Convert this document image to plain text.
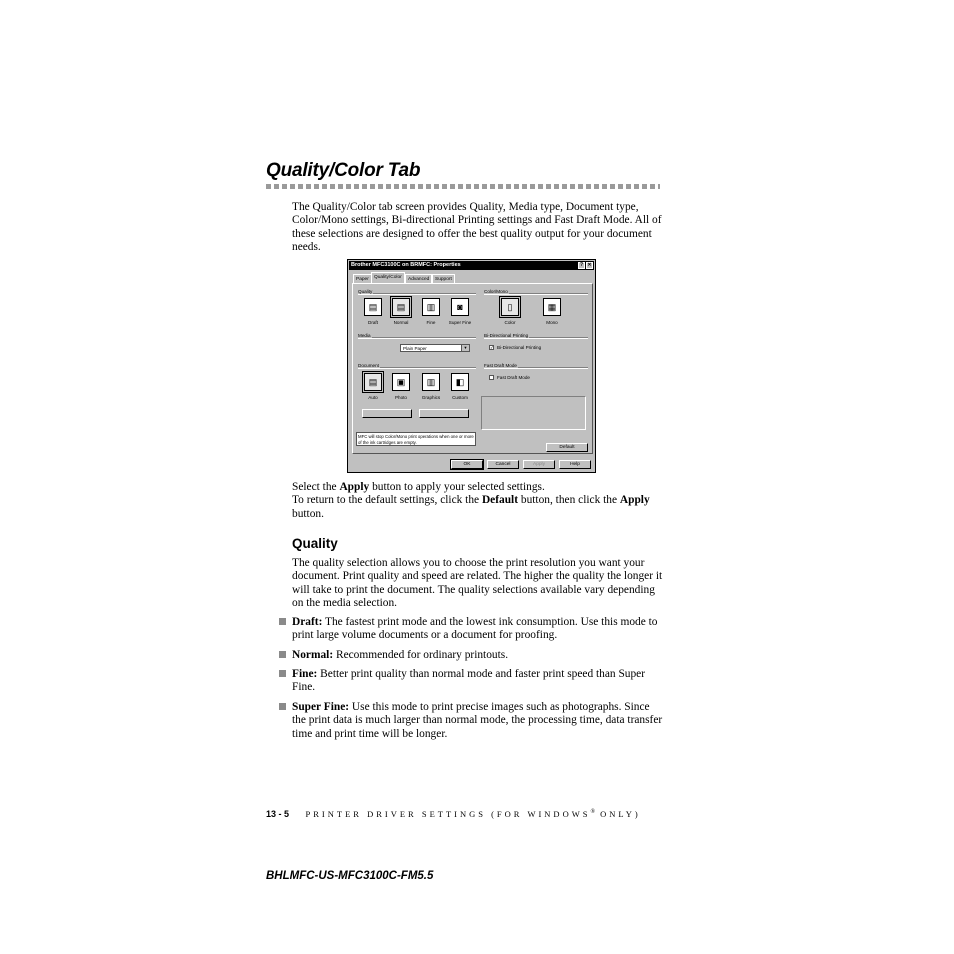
Quality/Color Tab
The Quality/Color tab screen provides Quality, Media type, Document type, Color/Mono settings, Bi-directional Printing settings and Fast Draft Mode. All of these selections are designed to offer the best quality output for your document needs.
Brother MFC3100C on BRMFC: Properties	? ✕
Paper	Quality/Color	Advanced	Support
Quality
▤	▤	▥	◙
Draft	Normal	Fine	Super Fine
Color/Mono
▯	▦
Color	Mono
Media
Plain Paper	▼
Bi-Directional Printing
✓ Bi-Directional Printing
Document
▤	▣	▥	◧
Auto	Photo	Graphics	Custom
Fast Draft Mode
Fast Draft Mode
MFC will stop Color/Mono print operations when one or more of the ink cartridges are empty.
Default
OK	Cancel	Apply	Help
Select the Apply button to apply your selected settings.
To return to the default settings, click the Default button, then click the Apply button.
Quality
The quality selection allows you to choose the print resolution you want your document. Print quality and speed are related. The higher the quality the longer it will take to print the document. The quality selections available vary depending on the media selection.
Draft: The fastest print mode and the lowest ink consumption. Use this mode to print large volume documents or a document for proofing.
Normal: Recommended for ordinary printouts.
Fine: Better print quality than normal mode and faster print speed than Super Fine.
Super Fine: Use this mode to print precise images such as photographs. Since the print data is much larger than normal mode, the processing time, data transfer time and print time will be longer.
13 - 5 PRINTER DRIVER SETTINGS (FOR WINDOWS® ONLY)
BHLMFC-US-MFC3100C-FM5.5
